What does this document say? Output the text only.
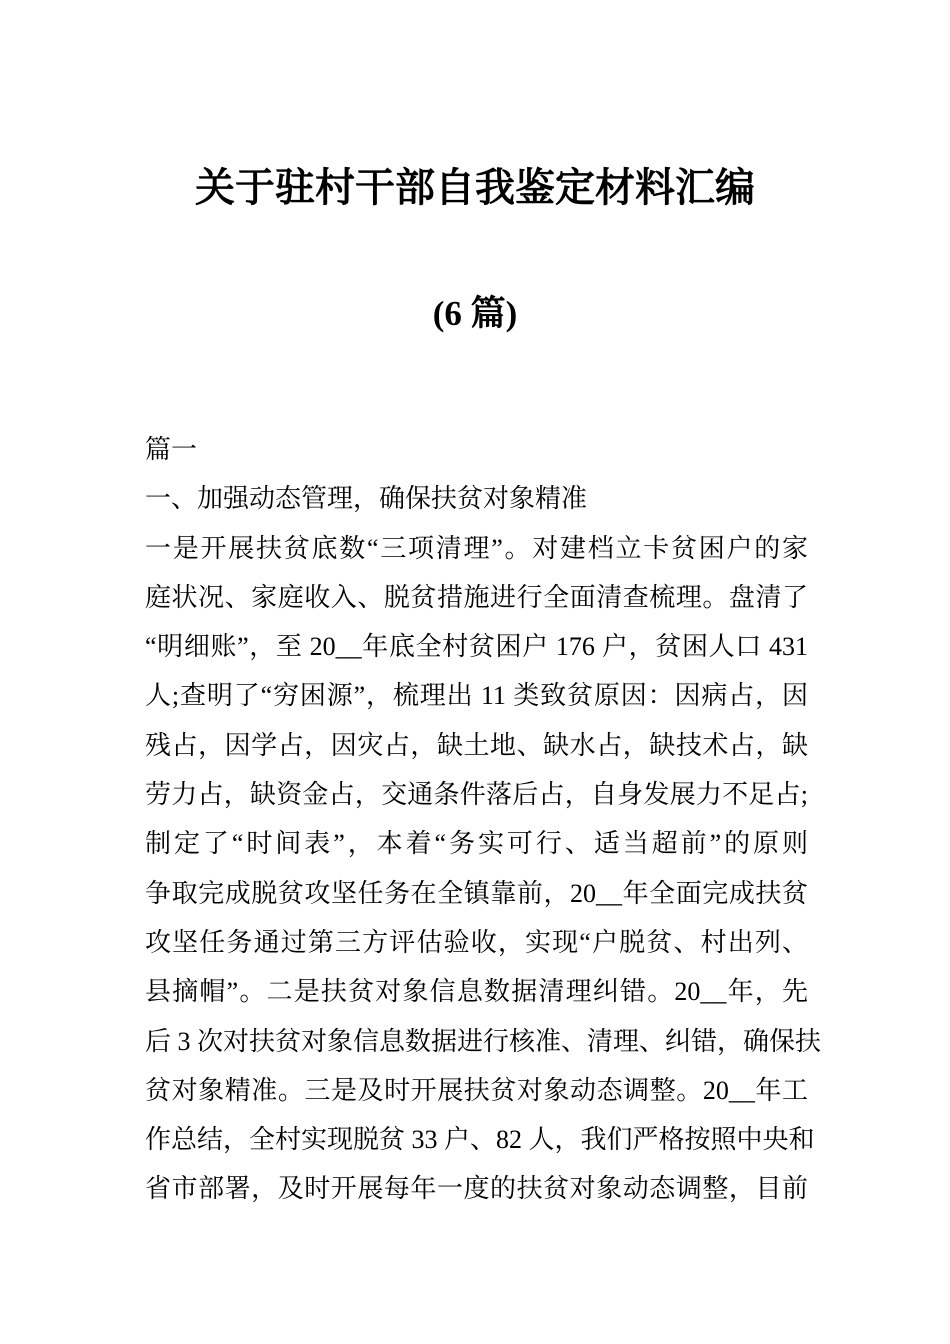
关于驻村干部自我鉴定材料汇编
(6 篇)
篇一
一、加强动态管理，确保扶贫对象精准
一是开展扶贫底数“三项清理”。对建档立卡贫困户的家
庭状况、家庭收入、脱贫措施进行全面清查梳理。盘清了
“明细账”，至 20__年底全村贫困户 176 户，贫困人口 431
人;查明了“穷困源”，梳理出 11 类致贫原因：因病占，因
残占，因学占，因灾占，缺土地、缺水占，缺技术占，缺
劳力占，缺资金占，交通条件落后占，自身发展力不足占;
制定了“时间表”，本着“务实可行、适当超前”的原则
争取完成脱贫攻坚任务在全镇靠前，20__年全面完成扶贫
攻坚任务通过第三方评估验收，实现“户脱贫、村出列、
县摘帽”。二是扶贫对象信息数据清理纠错。20__年，先
后 3 次对扶贫对象信息数据进行核准、清理、纠错，确保扶
贫对象精准。三是及时开展扶贫对象动态调整。20__年工
作总结，全村实现脱贫 33 户、82 人，我们严格按照中央和
省市部署，及时开展每年一度的扶贫对象动态调整，目前
